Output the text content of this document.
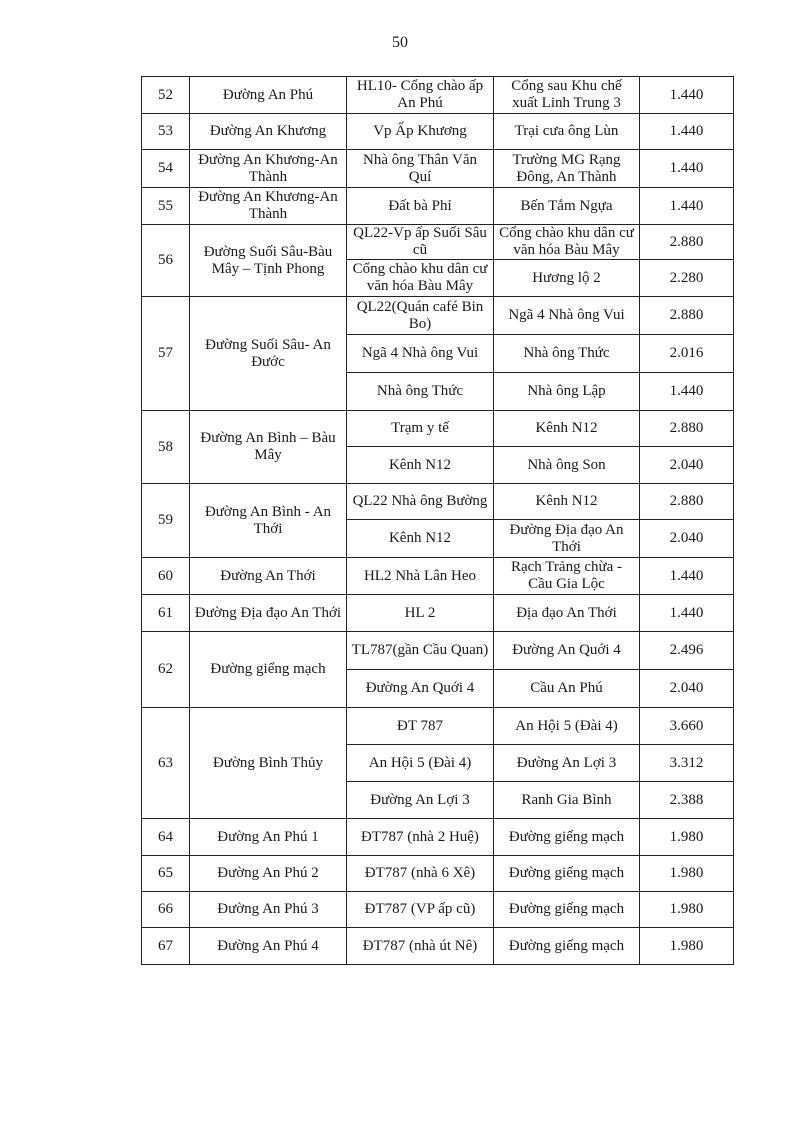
50
52	Đường An Phú	HL10- Cổng chào ấp An Phú	Cổng sau Khu chế xuất Linh Trung 3	1.440
53	Đường An Khương	Vp Ấp Khương	Trại cưa ông Lùn	1.440
54	Đường An Khương-An Thành	Nhà ông Thân Văn Quí	Trường MG Rạng Đông, An Thành	1.440
55	Đường An Khương-An Thành	Đất bà Phỉ	Bến Tắm Ngựa	1.440
56	Đường Suối Sâu-Bàu Mây – Tịnh Phong	QL22-Vp ấp Suối Sâu cũ	Cổng chào khu dân cư văn hóa Bàu Mây	2.880
		Cổng chào khu dân cư văn hóa Bàu Mây	Hương lộ 2	2.280
57	Đường Suối Sâu- An Đước	QL22(Quán café Bin Bo)	Ngã 4 Nhà ông Vui	2.880
		Ngã 4 Nhà ông Vui	Nhà ông Thức	2.016
		Nhà ông Thức	Nhà ông Lập	1.440
58	Đường An Bình – Bàu Mây	Trạm y tế	Kênh N12	2.880
		Kênh N12	Nhà ông Son	2.040
59	Đường An Bình - An Thới	QL22 Nhà ông Bường	Kênh N12	2.880
		Kênh N12	Đường Địa đạo An Thới	2.040
60	Đường An Thới	HL2 Nhà Lân Heo	Rạch Trảng chừa - Cầu Gia Lộc	1.440
61	Đường Địa đạo An Thới	HL 2	Địa đạo An Thới	1.440
62	Đường giếng mạch	TL787(gần Cầu Quan)	Đường An Quới 4	2.496
		Đường An Quới 4	Cầu An Phú	2.040
63	Đường Bình Thủy	ĐT 787	An Hội 5 (Đài 4)	3.660
		An Hội 5 (Đài 4)	Đường An Lợi 3	3.312
		Đường An Lợi 3	Ranh Gia Bình	2.388
64	Đường An Phú 1	ĐT787 (nhà 2 Huệ)	Đường giếng mạch	1.980
65	Đường An Phú 2	ĐT787 (nhà 6 Xê)	Đường giếng mạch	1.980
66	Đường An Phú 3	ĐT787 (VP ấp cũ)	Đường giếng mạch	1.980
67	Đường An Phú 4	ĐT787 (nhà út Nê)	Đường giếng mạch	1.980
